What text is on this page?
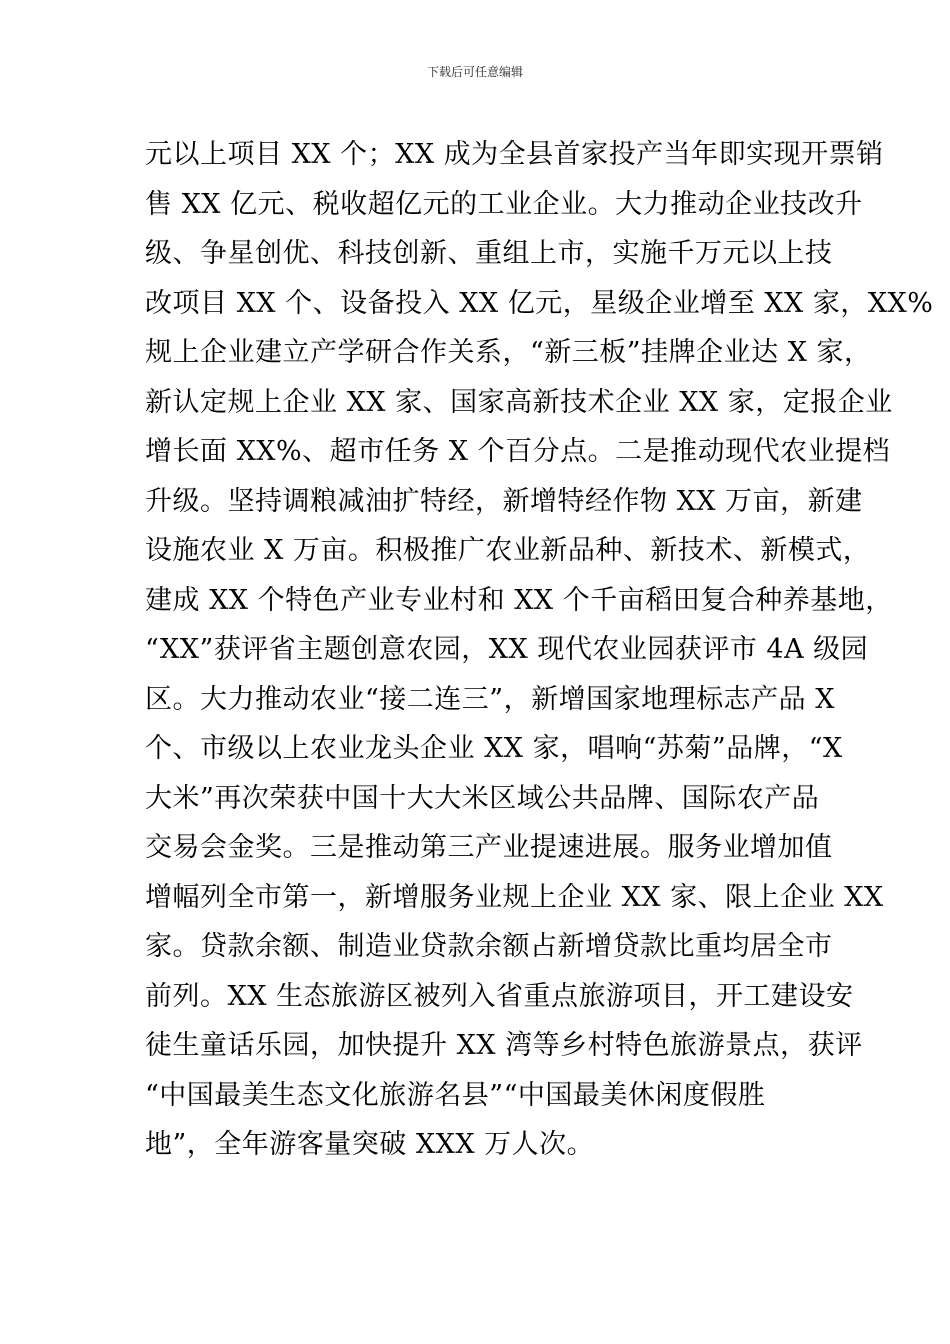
下载后可任意编辑
元以上项目 XX 个；XX 成为全县首家投产当年即实现开票销
售 XX 亿元、税收超亿元的工业企业。大力推动企业技改升
级、争星创优、科技创新、重组上市，实施千万元以上技
改项目 XX 个、设备投入 XX 亿元，星级企业增至 XX 家，XX%
规上企业建立产学研合作关系，“新三板”挂牌企业达 X 家，
新认定规上企业 XX 家、国家高新技术企业 XX 家，定报企业
增长面 XX%、超市任务 X 个百分点。二是推动现代农业提档
升级。坚持调粮减油扩特经，新增特经作物 XX 万亩，新建
设施农业 X 万亩。积极推广农业新品种、新技术、新模式，
建成 XX 个特色产业专业村和 XX 个千亩稻田复合种养基地，
“XX”获评省主题创意农园，XX 现代农业园获评市 4A 级园
区。大力推动农业“接二连三”，新增国家地理标志产品 X
个、市级以上农业龙头企业 XX 家，唱响“苏菊”品牌，“X
大米”再次荣获中国十大大米区域公共品牌、国际农产品
交易会金奖。三是推动第三产业提速进展。服务业增加值
增幅列全市第一，新增服务业规上企业 XX 家、限上企业 XX
家。贷款余额、制造业贷款余额占新增贷款比重均居全市
前列。XX 生态旅游区被列入省重点旅游项目，开工建设安
徒生童话乐园，加快提升 XX 湾等乡村特色旅游景点，获评
“中国最美生态文化旅游名县”“中国最美休闲度假胜
地”，全年游客量突破 XXX 万人次。
